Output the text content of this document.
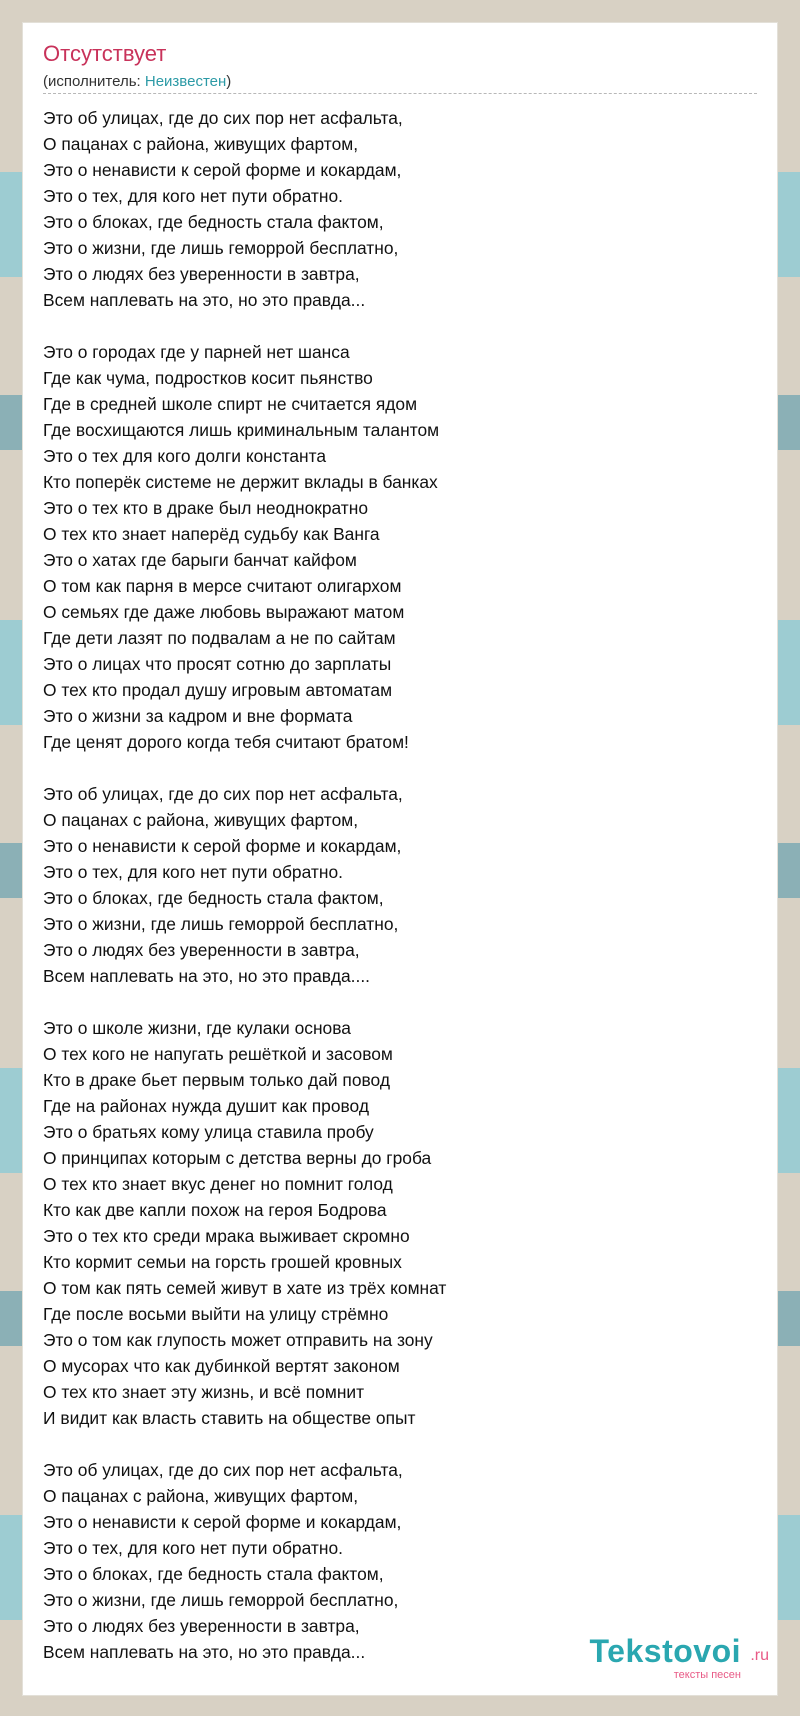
Отсутствует
(исполнитель: Неизвестен)
Это об улицах, где до сих пор нет асфальта,
О пацанах с района, живущих фартом,
Это о ненависти к серой форме и кокардам,
Это о тех, для кого нет пути обратно.
Это о блоках, где бедность стала фактом,
Это о жизни, где лишь геморрой бесплатно,
Это о людях без уверенности в завтра,
Всем наплевать на это, но это правда...
Это о городах где у парней нет шанса
Где как чума, подростков косит пьянство
Где в средней школе спирт не считается ядом
Где восхищаются лишь криминальным талантом
Это о тех для кого долги константа
Кто поперёк системе не держит вклады в банках
Это о тех кто в драке был неоднократно
О тех кто знает наперёд судьбу как Ванга
Это о хатах где барыги банчат кайфом
О том как парня в мерсе считают олигархом
О семьях где даже любовь выражают матом
Где дети лазят по подвалам а не по сайтам
Это о лицах что просят сотню до зарплаты
О тех кто продал душу игровым автоматам
Это о жизни за кадром и вне формата
Где ценят дорого когда тебя считают братом!
Это об улицах, где до сих пор нет асфальта,
О пацанах с района, живущих фартом,
Это о ненависти к серой форме и кокардам,
Это о тех, для кого нет пути обратно.
Это о блоках, где бедность стала фактом,
Это о жизни, где лишь геморрой бесплатно,
Это о людях без уверенности в завтра,
Всем наплевать на это, но это правда....
Это о школе жизни, где кулаки основа
О тех кого не напугать решёткой и засовом
Кто в драке бьет первым только дай повод
Где на районах нужда душит как провод
Это о братьях кому улица ставила пробу
О принципах которым с детства верны до гроба
О тех кто знает вкус денег но помнит голод
Кто как две капли похож на героя Бодрова
Это о тех кто среди мрака выживает скромно
Кто кормит семьи на горсть грошей кровных
О том как пять семей живут в хате из трёх комнат
Где после восьми выйти на улицу стрёмно
Это о том как глупость может отправить на зону
О мусорах что как дубинкой вертят законом
О тех кто знает эту жизнь, и всё помнит
И видит как власть ставить на обществе опыт
Это об улицах, где до сих пор нет асфальта,
О пацанах с района, живущих фартом,
Это о ненависти к серой форме и кокардам,
Это о тех, для кого нет пути обратно.
Это о блоках, где бедность стала фактом,
Это о жизни, где лишь геморрой бесплатно,
Это о людях без уверенности в завтра,
Всем наплевать на это, но это правда...	Tekstovoi .ru
тексты песен
